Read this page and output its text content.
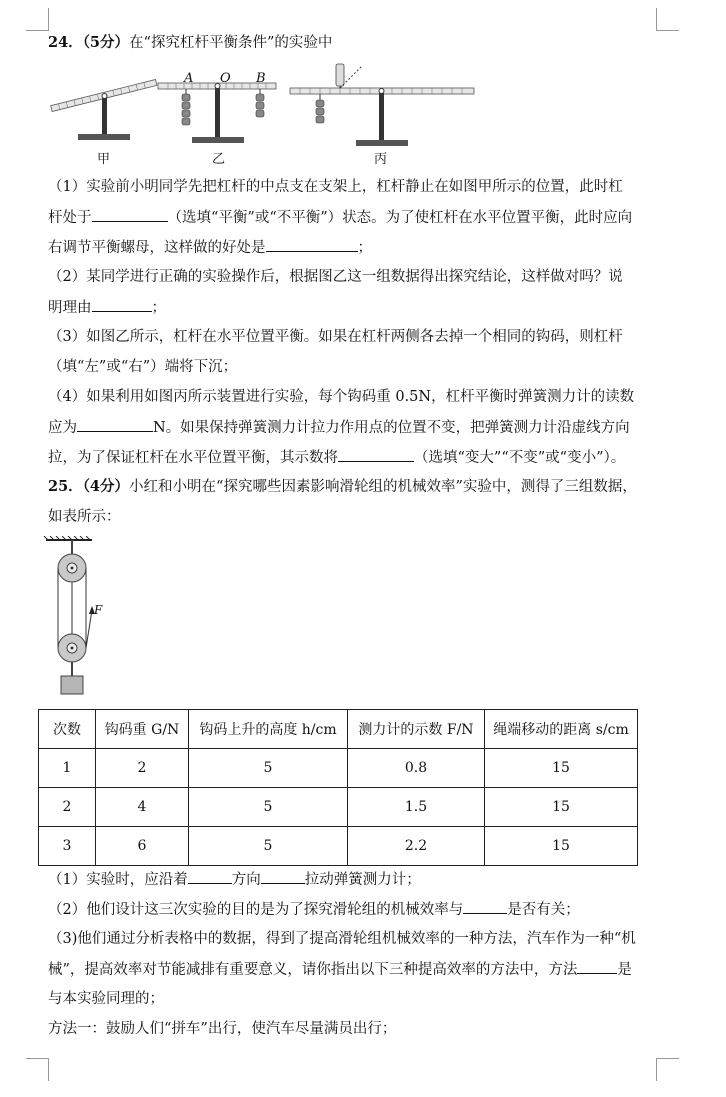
24．（5分）在“探究杠杆平衡条件”的实验中
甲
A O B
乙	丙
（1）实验前小明同学先把杠杆的中点支在支架上，杠杆静止在如图甲所示的位置，此时杠
杆处于	（选填“平衡”或“不平衡”）状态。为了使杠杆在水平位置平衡，此时应向
右调节平衡螺母，这样做的好处是	；
（2）某同学进行正确的实验操作后，根据图乙这一组数据得出探究结论，这样做对吗？说
明理由	；
（3）如图乙所示，杠杆在水平位置平衡。如果在杠杆两侧各去掉一个相同的钩码，则杠杆
（填“左”或“右”）端将下沉；
（4）如果利用如图丙所示装置进行实验，每个钩码重 0.5N，杠杆平衡时弹簧测力计的读数
应为	N。如果保持弹簧测力计拉力作用点的位置不变，把弹簧测力计沿虚线方向
拉，为了保证杠杆在水平位置平衡，其示数将	（选填“变大”“不变”或“变小”）。
25．（4分）小红和小明在“探究哪些因素影响滑轮组的机械效率”实验中，测得了三组数据，
如表所示：
F
次数	钩码重 G/N	钩码上升的高度 h/cm	测力计的示数 F/N	绳端移动的距离 s/cm
1	2	5	0.8	15
2	4	5	1.5	15
3	6	5	2.2	15
（1）实验时，应沿着	方向	拉动弹簧测力计；
（2）他们设计这三次实验的目的是为了探究滑轮组的机械效率与	是否有关；
（3)他们通过分析表格中的数据，得到了提高滑轮组机械效率的一种方法，汽车作为一种“机
械”，提高效率对节能减排有重要意义，请你指出以下三种提高效率的方法中，方法	是
与本实验同理的；
方法一：鼓励人们“拼车”出行，使汽车尽量满员出行；
